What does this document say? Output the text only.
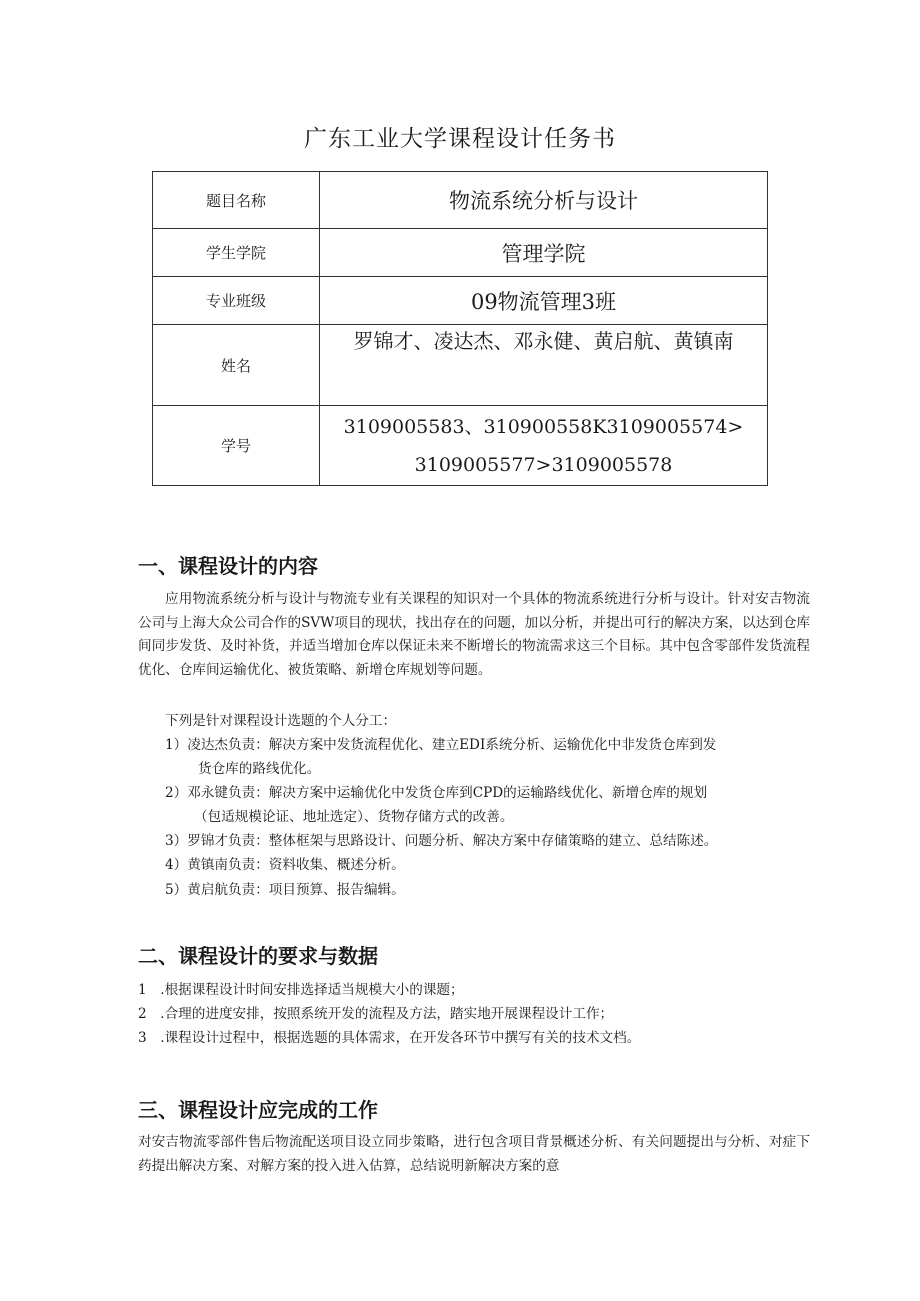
广东工业大学课程设计任务书
题目名称	物流系统分析与设计
学生学院	管理学院
专业班级	09物流管理3班
姓名	罗锦才、凌达杰、邓永健、黄启航、黄镇南
学号	3109005583、310900558K3109005574>
3109005577>3109005578
一、课程设计的内容
应用物流系统分析与设计与物流专业有关课程的知识对一个具体的物流系统进行分析与设计。针对安吉物流公司与上海大众公司合作的SVW项目的现状，找出存在的问题，加以分析，并提出可行的解决方案，以达到仓库间同步发货、及时补货，并适当增加仓库以保证未来不断增长的物流需求这三个目标。其中包含零部件发货流程优化、仓库间运输优化、被货策略、新增仓库规划等问题。
下列是针对课程设计选题的个人分工：
1）凌达杰负责：解决方案中发货流程优化、建立EDI系统分析、运输优化中非发货仓库到发
货仓库的路线优化。
2）邓永键负责：解决方案中运输优化中发货仓库到CPD的运输路线优化、新增仓库的规划
（包适规模论证、地址选定）、货物存储方式的改善。
3）罗锦才负责：整体框架与思路设计、问题分析、解决方案中存储策略的建立、总结陈述。
4）黄镇南负责：资料收集、概述分析。
5）黄启航负责：项目预算、报告编辑。
二、课程设计的要求与数据
1　.根据课程设计时间安排选择适当规模大小的课题；
2　.合理的进度安排，按照系统开发的流程及方法，踏实地开展课程设计工作；
3　.课程设计过程中，根据选题的具体需求，在开发各环节中撰写有关的技术文档。
三、课程设计应完成的工作
对安吉物流零部件售后物流配送项目设立同步策略，进行包含项目背景概述分析、有关问题提出与分析、对症下药提出解决方案、对解方案的投入进入估算，总结说明新解决方案的意
